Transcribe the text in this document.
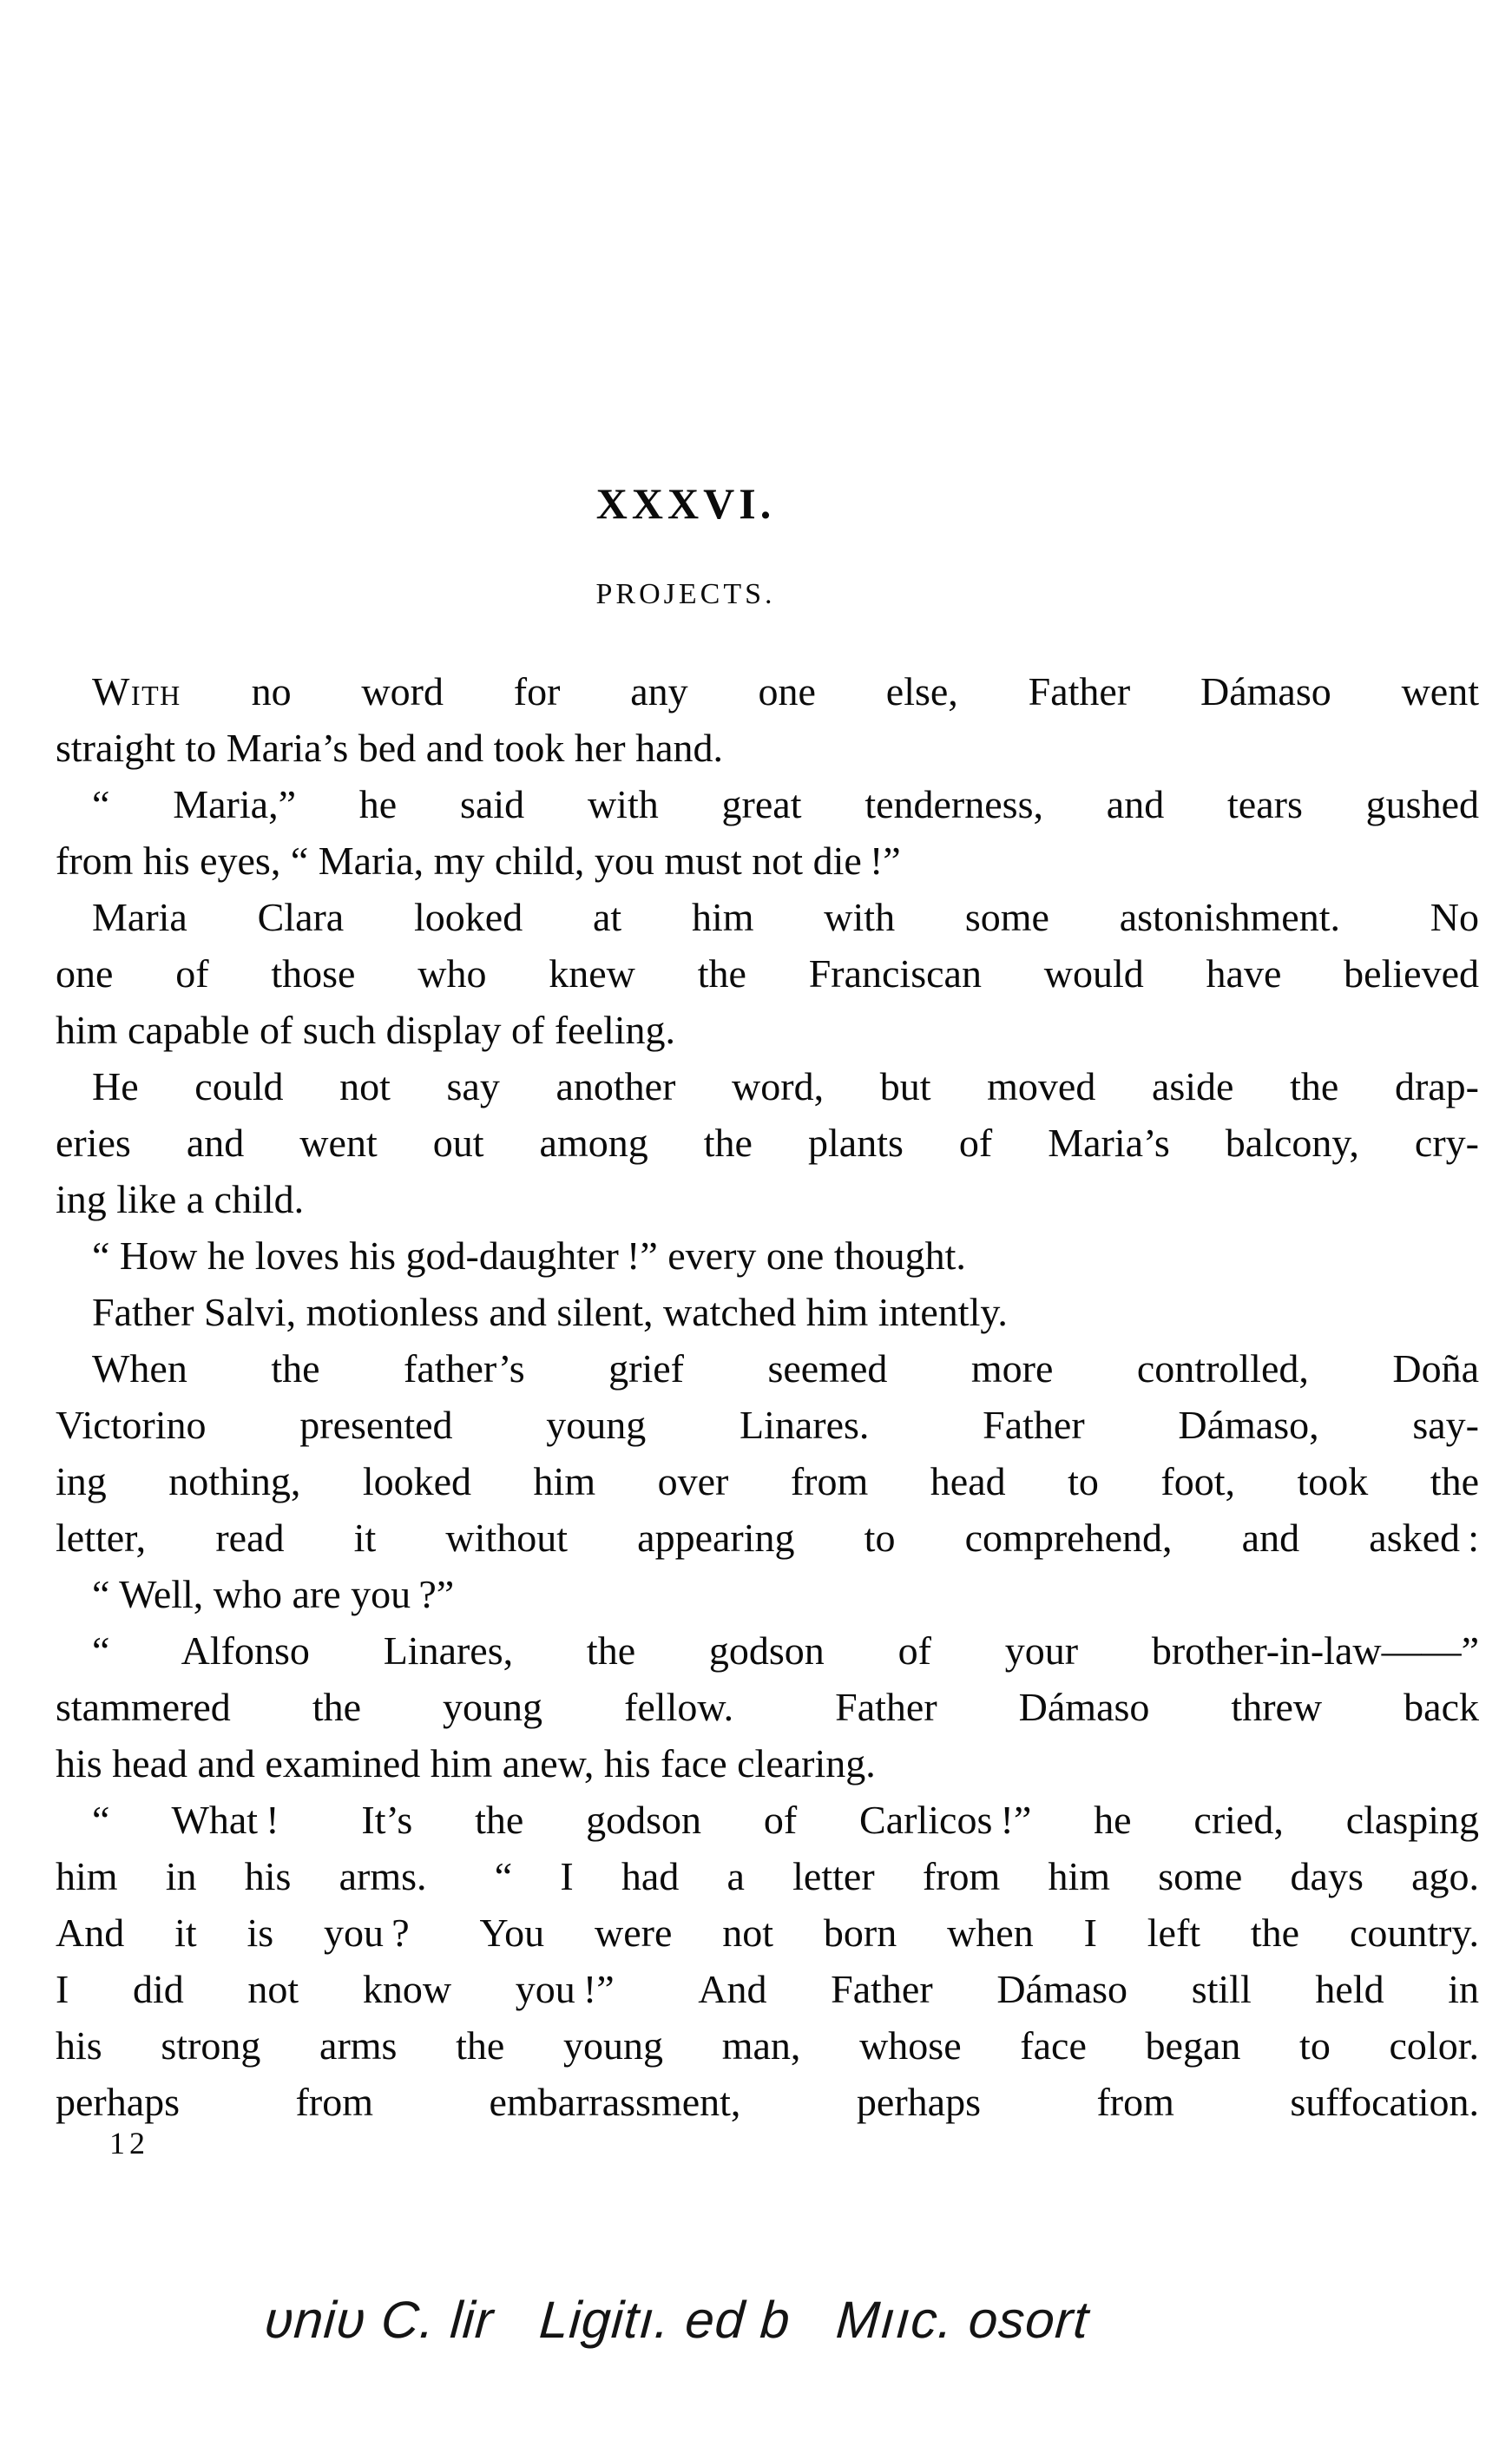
XXXVI.
PROJECTS.
With no word for any one else, Father Dámaso went
straight to Maria’s bed and took her hand.
“ Maria,” he said with great tenderness, and tears gushed
from his eyes, “ Maria, my child, you must not die !”
Maria Clara looked at him with some astonishment.  No
one of those who knew the Franciscan would have believed
him capable of such display of feeling.
He could not say another word, but moved aside the drap-
eries and went out among the plants of Maria’s balcony, cry-
ing like a child.
“ How he loves his god-daughter !” every one thought.
Father Salvi, motionless and silent, watched him intently.
When the father’s grief seemed more controlled, Doña
Victorino presented young Linares.  Father Dámaso, say-
ing nothing, looked him over from head to foot, took the
letter, read it without appearing to comprehend, and asked :
“ Well, who are you ?”
“ Alfonso Linares, the godson of your brother-in-law——”
stammered the young fellow.  Father Dámaso threw back
his head and examined him anew, his face clearing.
“ What !  It’s the godson of Carlicos !” he cried, clasping
him in his arms.  “ I had a letter from him some days ago.
And it is you ?  You were not born when I left the country.
I did not know you !”  And Father Dámaso still held in
his strong arms the young man, whose face began to color.
perhaps from embarrassment, perhaps from suffocation.
12
ʋniʋ C. lir   Ligitı. ed b   Mııc. osort
